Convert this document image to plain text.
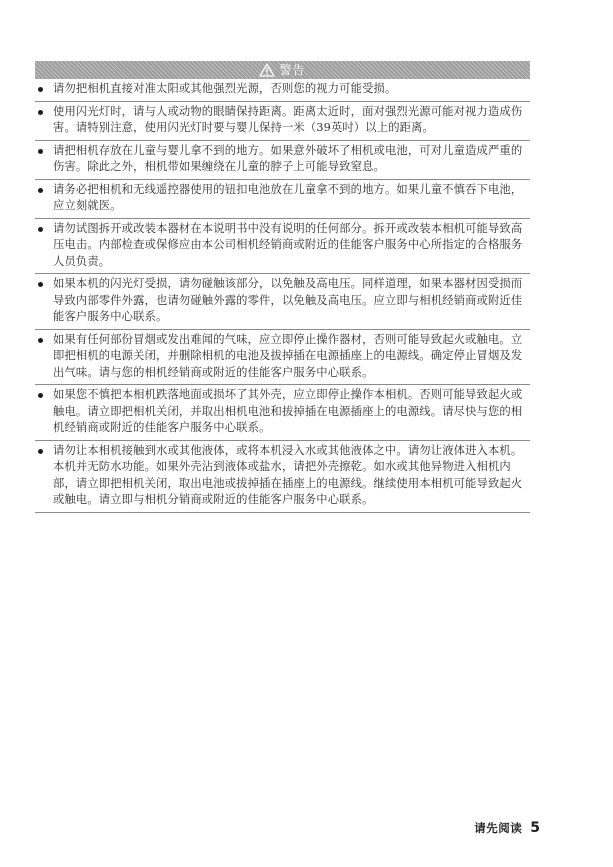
警告
请勿把相机直接对准太阳或其他强烈光源，否则您的视力可能受损。
使用闪光灯时，请与人或动物的眼睛保持距离。距离太近时，面对强烈光源可能对视力造成伤害。请特别注意，使用闪光灯时要与婴儿保持一米（39英吋）以上的距离。
请把相机存放在儿童与婴儿拿不到的地方。如果意外破坏了相机或电池，可对儿童造成严重的伤害。除此之外，相机带如果缠绕在儿童的脖子上可能导致窒息。
请务必把相机和无线遥控器使用的钮扣电池放在儿童拿不到的地方。如果儿童不慎吞下电池，应立刻就医。
请勿试图拆开或改装本器材在本说明书中没有说明的任何部分。拆开或改装本相机可能导致高压电击。内部检查或保修应由本公司相机经销商或附近的佳能客户服务中心所指定的合格服务人员负责。
如果本机的闪光灯受损，请勿碰触该部分，以免触及高电压。同样道理，如果本器材因受损而导致内部零件外露，也请勿碰触外露的零件，以免触及高电压。应立即与相机经销商或附近佳能客户服务中心联系。
如果有任何部份冒烟或发出难闻的气味，应立即停止操作器材，否则可能导致起火或触电。立即把相机的电源关闭，并删除相机的电池及拔掉插在电源插座上的电源线。确定停止冒烟及发出气味。请与您的相机经销商或附近的佳能客户服务中心联系。
如果您不慎把本相机跌落地面或损坏了其外壳，应立即停止操作本相机。否则可能导致起火或触电。请立即把相机关闭，并取出相机电池和拔掉插在电源插座上的电源线。请尽快与您的相机经销商或附近的佳能客户服务中心联系。
请勿让本相机接触到水或其他液体，或将本机浸入水或其他液体之中。请勿让液体进入本机。本机并无防水功能。如果外壳沾到液体或盐水，请把外壳擦乾。如水或其他异物进入相机内部，请立即把相机关闭，取出电池或拔掉插在插座上的电源线。继续使用本相机可能导致起火或触电。请立即与相机分销商或附近的佳能客户服务中心联系。
请先阅读 5
